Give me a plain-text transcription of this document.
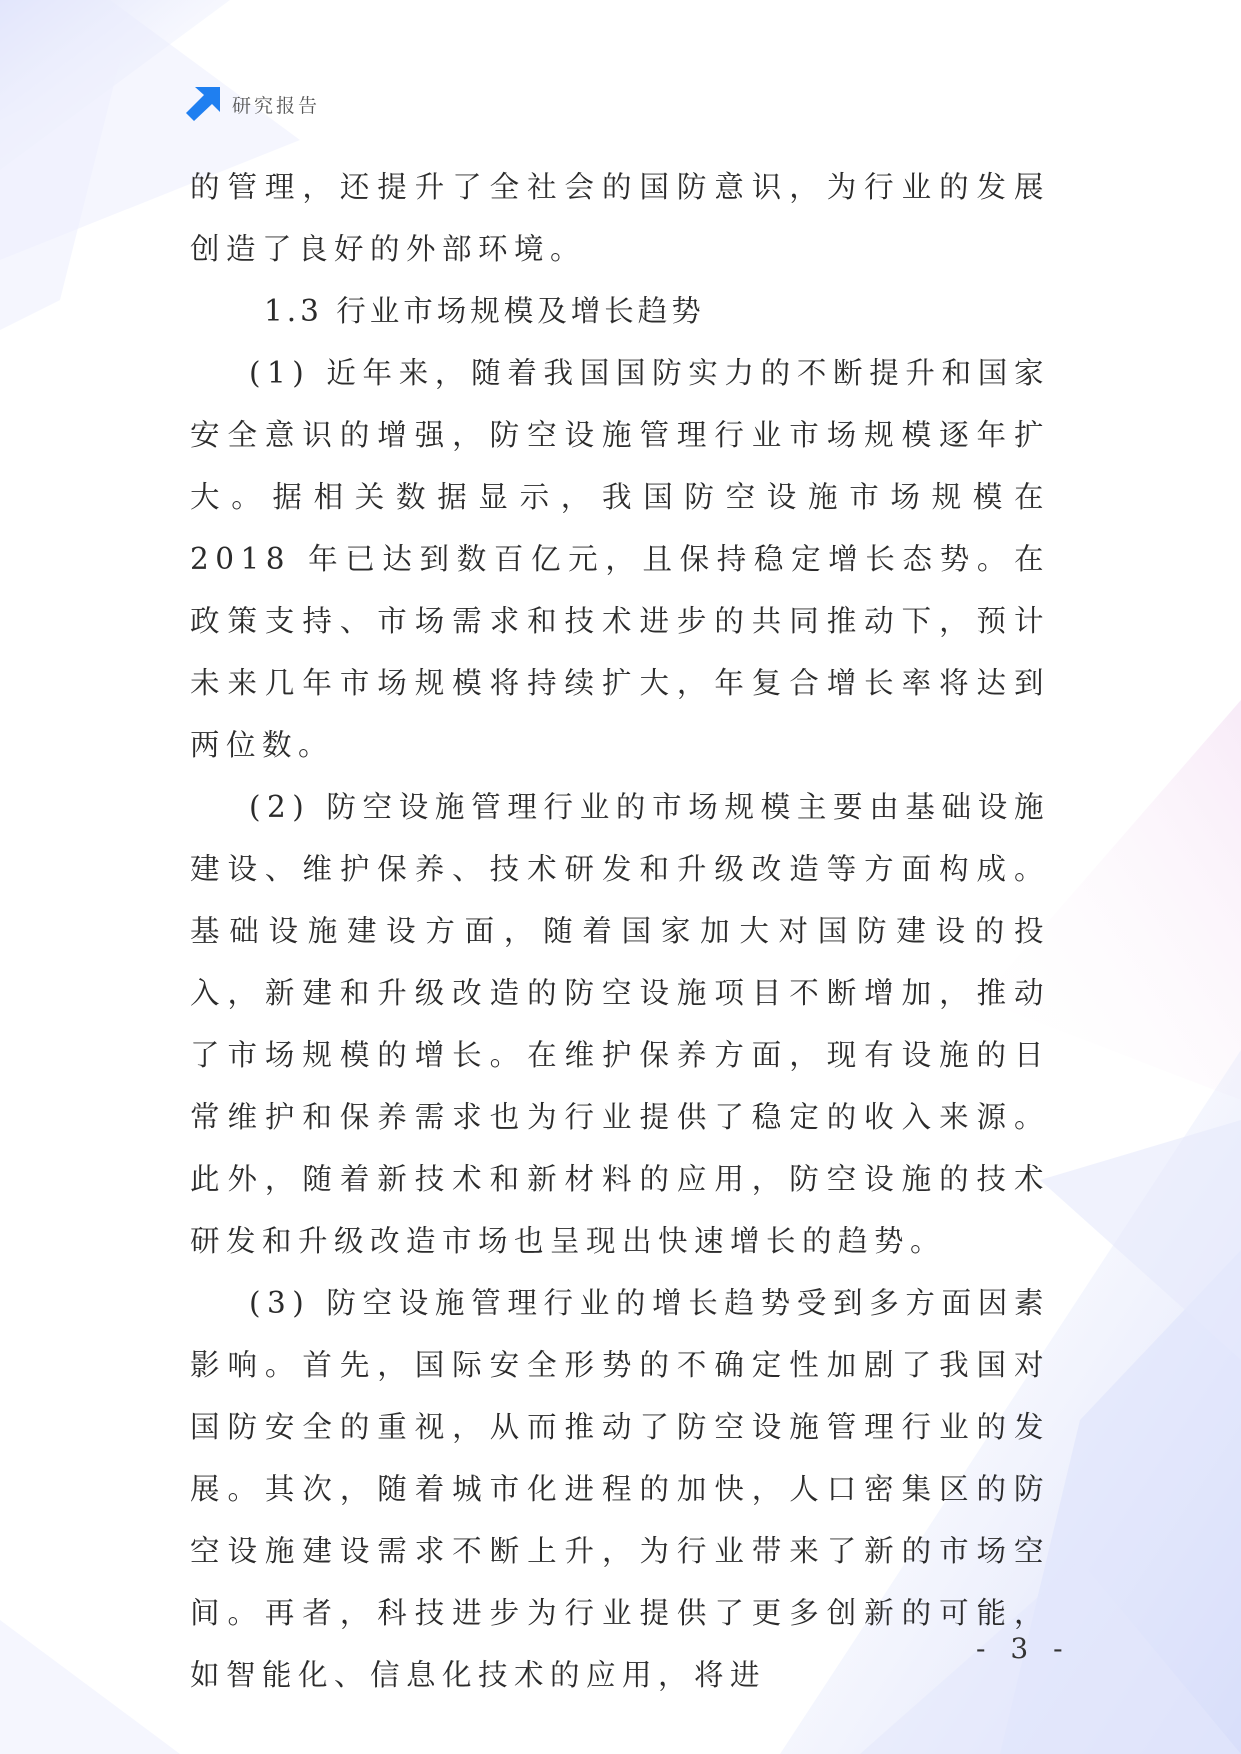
研究报告

的管理，还提升了全社会的国防意识，为行业的发展创造了良好的外部环境。

1.3 行业市场规模及增长趋势

(1) 近年来，随着我国国防实力的不断提升和国家安全意识的增强，防空设施管理行业市场规模逐年扩大。据相关数据显示，我国防空设施市场规模在 2018 年已达到数百亿元，且保持稳定增长态势。在政策支持、市场需求和技术进步的共同推动下，预计未来几年市场规模将持续扩大，年复合增长率将达到两位数。

(2) 防空设施管理行业的市场规模主要由基础设施建设、维护保养、技术研发和升级改造等方面构成。基础设施建设方面，随着国家加大对国防建设的投入，新建和升级改造的防空设施项目不断增加，推动了市场规模的增长。在维护保养方面，现有设施的日常维护和保养需求也为行业提供了稳定的收入来源。此外，随着新技术和新材料的应用，防空设施的技术研发和升级改造市场也呈现出快速增长的趋势。

(3) 防空设施管理行业的增长趋势受到多方面因素影响。首先，国际安全形势的不确定性加剧了我国对国防安全的重视，从而推动了防空设施管理行业的发展。其次，随着城市化进程的加快，人口密集区的防空设施建设需求不断上升，为行业带来了新的市场空间。再者，科技进步为行业提供了更多创新的可能，如智能化、信息化技术的应用，将进

- 3 -
